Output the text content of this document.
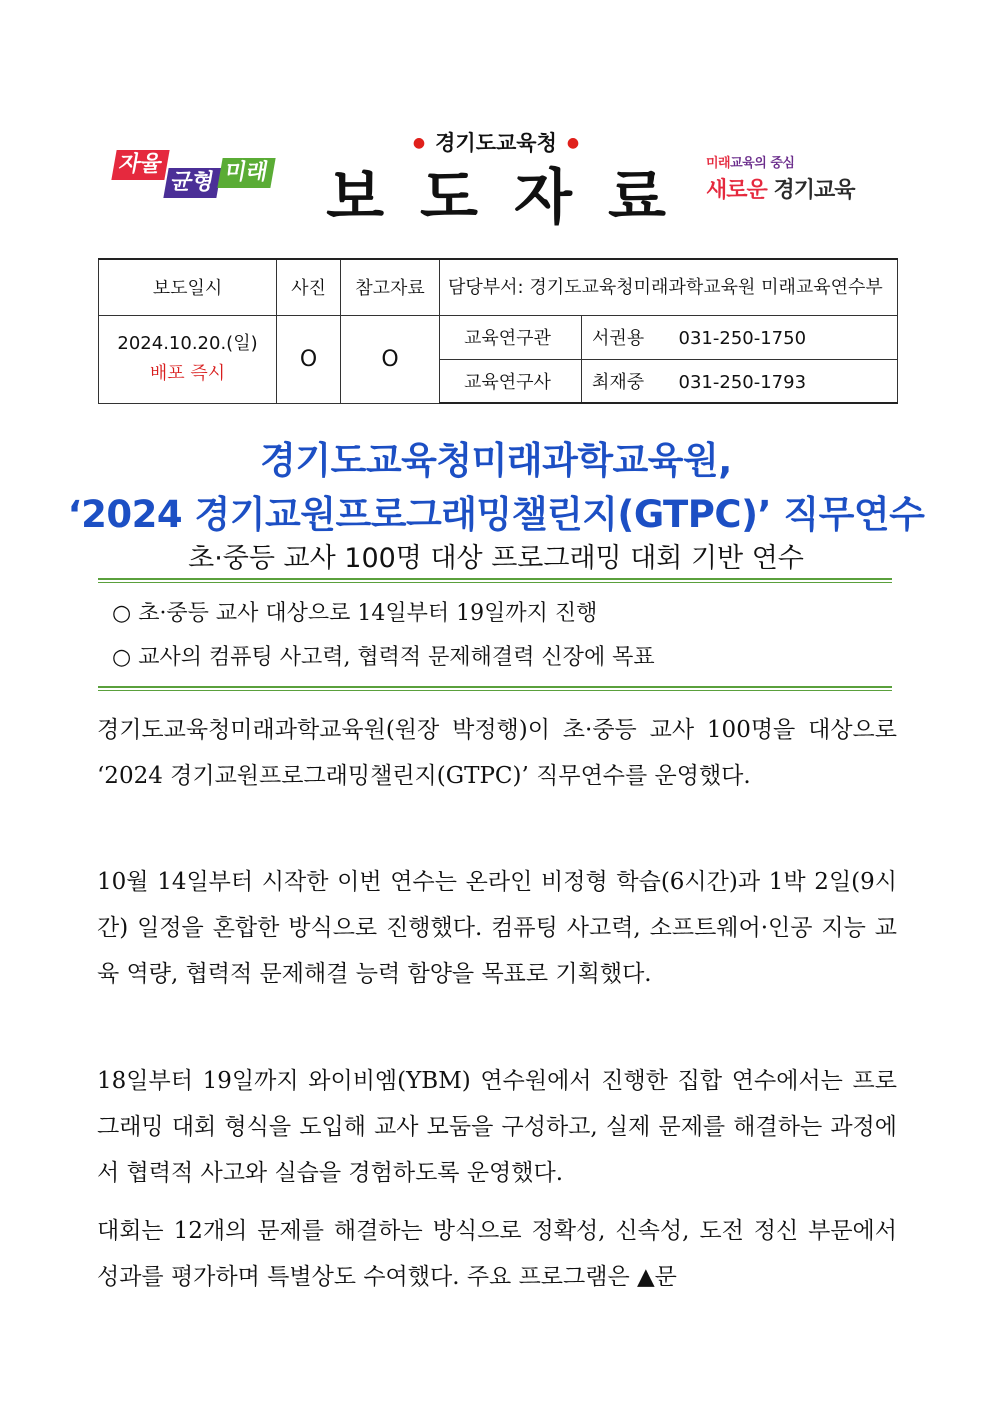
● 경기도교육청 ●
보도자료
자율
균형 미래	미래교육의 중심
새로운 경기교육
보도일시	사진	참고자료	담당부서: 경기도교육청미래과학교육원 미래교육연수부	

2024.10.20.(일)
배포 즉시	O	O	교육연구관	서권용 031-250-1750
			교육연구사	최재중 031-250-1793
경기도교육청미래과학교육원,
‘2024 경기교원프로그래밍챌린지(GTPC)’ 직무연수
초·중등 교사 100명 대상 프로그래밍 대회 기반 연수
○ 초·중등 교사 대상으로 14일부터 19일까지 진행
○ 교사의 컴퓨팅 사고력, 협력적 문제해결력 신장에 목표

경기도교육청미래과학교육원(원장 박정행)이 초·중등 교사 100명을 대상으로 ‘2024 경기교원프로그래밍챌린지(GTPC)’ 직무연수를 운영했다.

10월 14일부터 시작한 이번 연수는 온라인 비정형 학습(6시간)과 1박 2일(9시간) 일정을 혼합한 방식으로 진행했다. 컴퓨팅 사고력, 소프트웨어·인공 지능 교육 역량, 협력적 문제해결 능력 함양을 목표로 기획했다.

18일부터 19일까지 와이비엠(YBM) 연수원에서 진행한 집합 연수에서는 프로그래밍 대회 형식을 도입해 교사 모둠을 구성하고, 실제 문제를 해결하는 과정에서 협력적 사고와 실습을 경험하도록 운영했다.

대회는 12개의 문제를 해결하는 방식으로 정확성, 신속성, 도전 정신 부문에서 성과를 평가하며 특별상도 수여했다. 주요 프로그램은 ▲문
